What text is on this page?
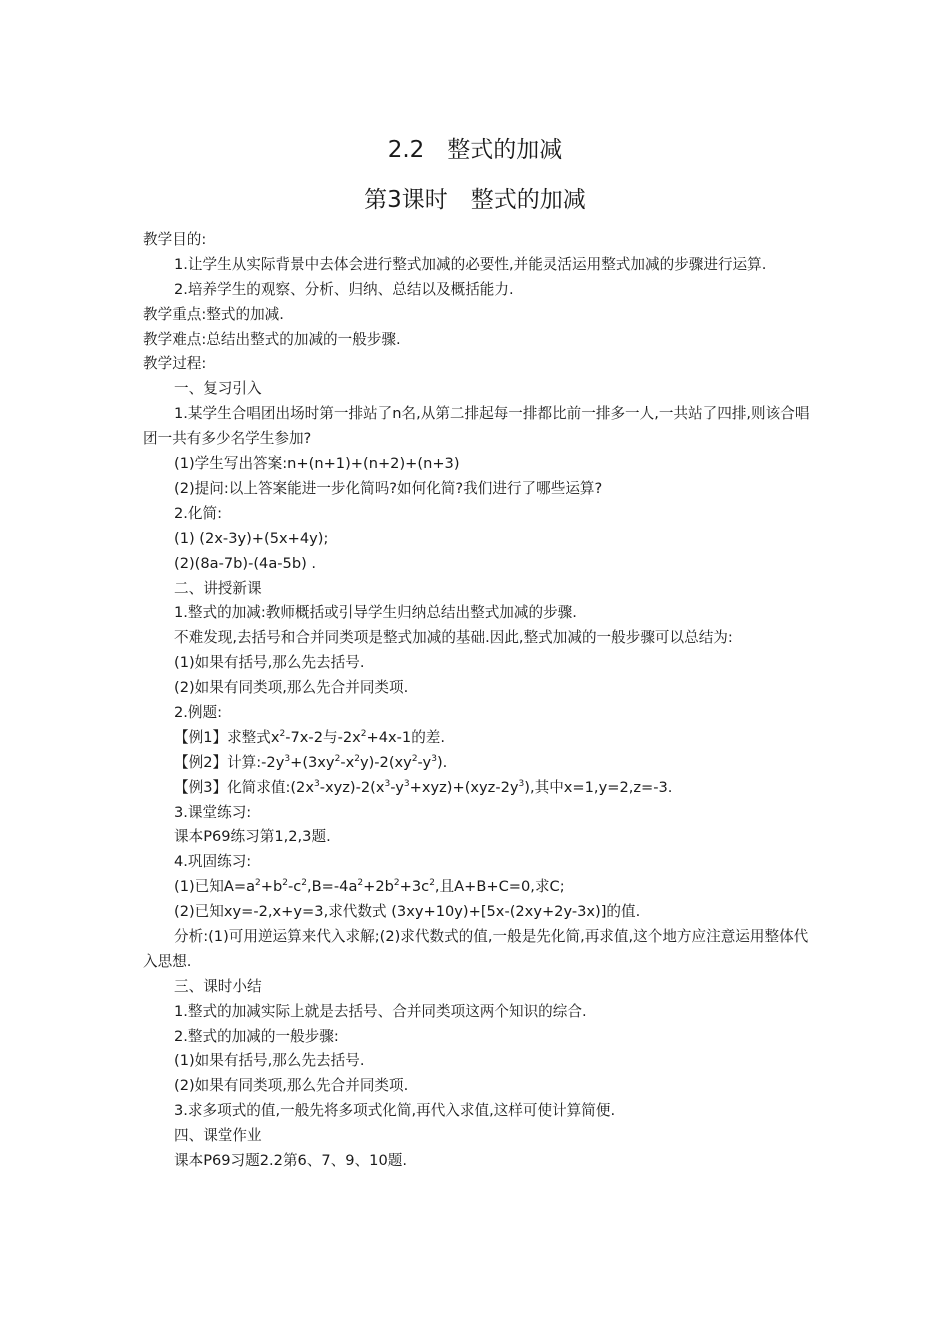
2.2　整式的加减
第3课时　整式的加减
教学目的:
1.让学生从实际背景中去体会进行整式加减的必要性,并能灵活运用整式加减的步骤进行运算.
2.培养学生的观察、分析、归纳、总结以及概括能力.
教学重点:整式的加减.
教学难点:总结出整式的加减的一般步骤.
教学过程:
一、复习引入
1.某学生合唱团出场时第一排站了n名,从第二排起每一排都比前一排多一人,一共站了四排,则该合唱团一共有多少名学生参加?
(1)学生写出答案:n+(n+1)+(n+2)+(n+3)
(2)提问:以上答案能进一步化简吗?如何化简?我们进行了哪些运算?
2.化简:
(1) (2x-3y)+(5x+4y);
(2)(8a-7b)-(4a-5b) .
二、讲授新课
1.整式的加减:教师概括或引导学生归纳总结出整式加减的步骤.
不难发现,去括号和合并同类项是整式加减的基础.因此,整式加减的一般步骤可以总结为:
(1)如果有括号,那么先去括号.
(2)如果有同类项,那么先合并同类项.
2.例题:
【例1】求整式$x^2-7x-2$与$-2x^2+4x-1$的差.
【例2】计算$:-2y^3+(3xy^2-x^2y)-2(xy^2-y^3)$.
【例3】化简求值$:(2x^3-xyz)-2(x^3-y^3+xyz)+(xyz-2y^3)$,其中x=1,y=2,z=-3.
3.课堂练习:
课本P69练习第1,2,3题.
4.巩固练习:
(1)已知$A=a^2+b^2-c^2,B=-4a^2+2b^2+3c^2$,且A+B+C=0,求C;
(2)已知xy=-2,x+y=3,求代数式 (3xy+10y)+[5x-(2xy+2y-3x)]的值.
分析:(1)可用逆运算来代入求解;(2)求代数式的值,一般是先化简,再求值,这个地方应注意运用整体代入思想.
三、课时小结
1.整式的加减实际上就是去括号、合并同类项这两个知识的综合.
2.整式的加减的一般步骤:
(1)如果有括号,那么先去括号.
(2)如果有同类项,那么先合并同类项.
3.求多项式的值,一般先将多项式化简,再代入求值,这样可使计算简便.
四、课堂作业
课本P69习题2.2第6、7、9、10题.
